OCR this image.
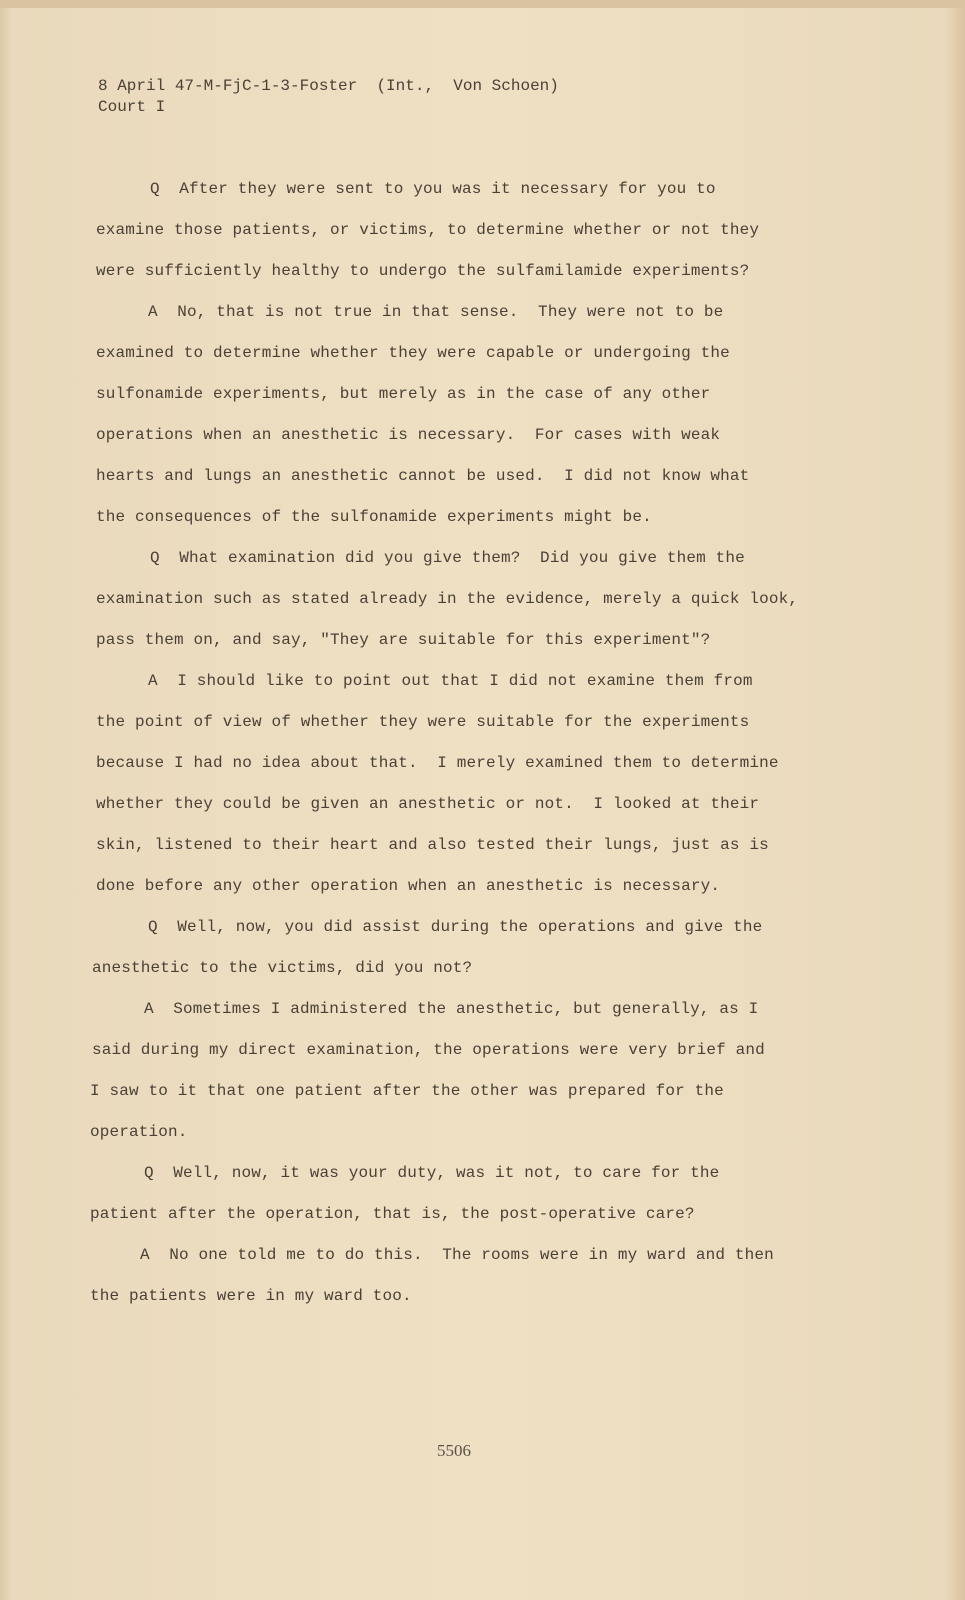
8 April 47-M-FjC-1-3-Foster  (Int.,  Von Schoen)
Court I
Q  After they were sent to you was it necessary for you to
examine those patients, or victims, to determine whether or not they
were sufficiently healthy to undergo the sulfamilamide experiments?
A  No, that is not true in that sense.  They were not to be
examined to determine whether they were capable or undergoing the
sulfonamide experiments, but merely as in the case of any other
operations when an anesthetic is necessary.  For cases with weak
hearts and lungs an anesthetic cannot be used.  I did not know what
the consequences of the sulfonamide experiments might be.
Q  What examination did you give them?  Did you give them the
examination such as stated already in the evidence, merely a quick look,
pass them on, and say, "They are suitable for this experiment"?
A  I should like to point out that I did not examine them from
the point of view of whether they were suitable for the experiments
because I had no idea about that.  I merely examined them to determine
whether they could be given an anesthetic or not.  I looked at their
skin, listened to their heart and also tested their lungs, just as is
done before any other operation when an anesthetic is necessary.
Q  Well, now, you did assist during the operations and give the
anesthetic to the victims, did you not?
A  Sometimes I administered the anesthetic, but generally, as I
said during my direct examination, the operations were very brief and
I saw to it that one patient after the other was prepared for the
operation.
Q  Well, now, it was your duty, was it not, to care for the
patient after the operation, that is, the post-operative care?
A  No one told me to do this.  The rooms were in my ward and then
the patients were in my ward too.
5506
